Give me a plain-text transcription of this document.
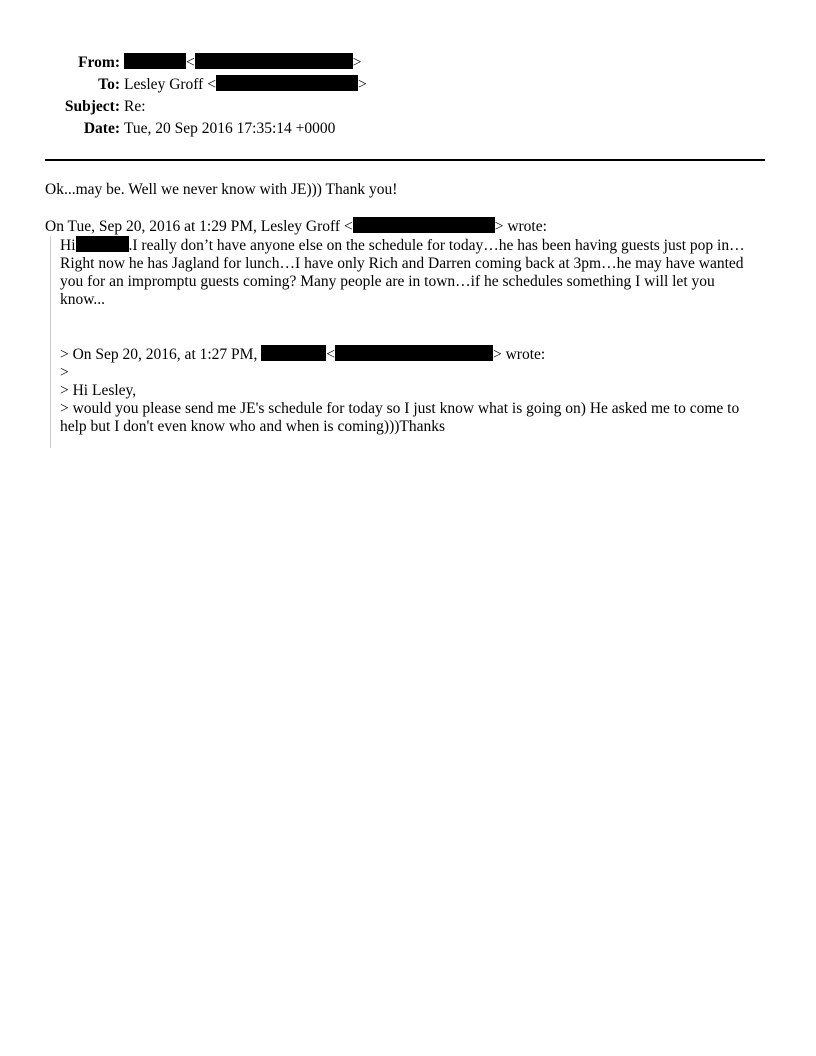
From:	<	>
To: Lesley Groff <	>
Subject: Re:
Date: Tue, 20 Sep 2016 17:35:14 +0000
Ok...may be. Well we never know with JE))) Thank you!
On Tue, Sep 20, 2016 at 1:29 PM, Lesley Groff <	> wrote:
Hi	.I really don’t have anyone else on the schedule for today…he has been having guests just pop in…
Right now he has Jagland for lunch…I have only Rich and Darren coming back at 3pm…he may have wanted
you for an impromptu guests coming? Many people are in town…if he schedules something I will let you
know...
> On Sep 20, 2016, at 1:27 PM,	<	> wrote:
>
> Hi Lesley,
> would you please send me JE's schedule for today so I just know what is going on) He asked me to come to
help but I don't even know who and when is coming)))Thanks
